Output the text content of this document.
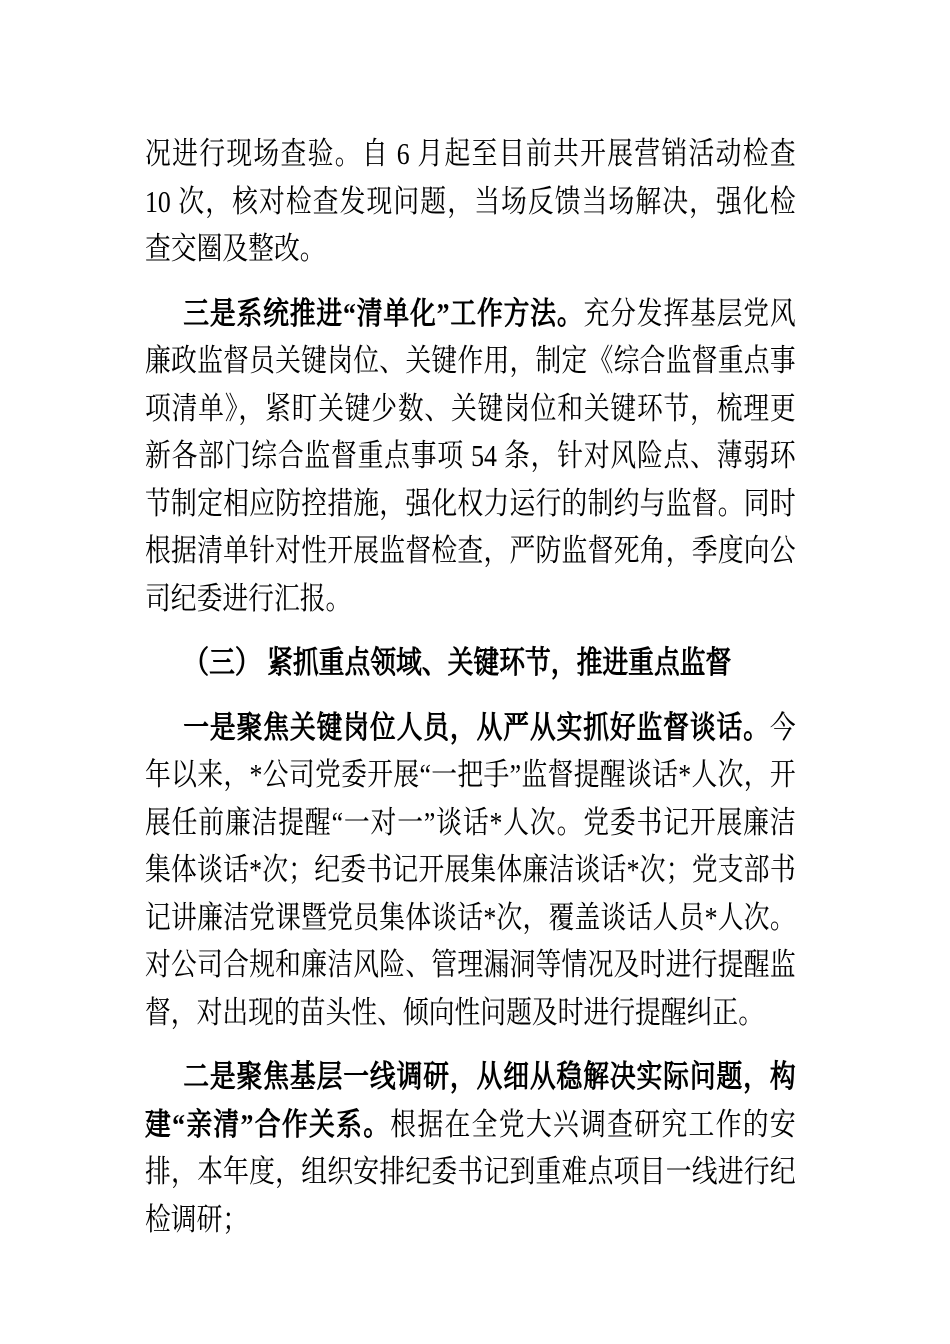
况进行现场查验。自 6 月起至目前共开展营销活动检查 10 次，核对检查发现问题，当场反馈当场解决，强化检查交圈及整改。

三是系统推进“清单化”工作方法。充分发挥基层党风廉政监督员关键岗位、关键作用，制定《综合监督重点事项清单》，紧盯关键少数、关键岗位和关键环节，梳理更新各部门综合监督重点事项 54 条，针对风险点、薄弱环节制定相应防控措施，强化权力运行的制约与监督。同时根据清单针对性开展监督检查，严防监督死角，季度向公司纪委进行汇报。

（三） 紧抓重点领域、关键环节，推进重点监督

一是聚焦关键岗位人员，从严从实抓好监督谈话。今年以来，*公司党委开展“一把手”监督提醒谈话*人次，开展任前廉洁提醒“一对一”谈话*人次。党委书记开展廉洁集体谈话*次；纪委书记开展集体廉洁谈话*次；党支部书记讲廉洁党课暨党员集体谈话*次，覆盖谈话人员*人次。对公司合规和廉洁风险、管理漏洞等情况及时进行提醒监督，对出现的苗头性、倾向性问题及时进行提醒纠正。

二是聚焦基层一线调研，从细从稳解决实际问题，构建“亲清”合作关系。根据在全党大兴调查研究工作的安排，本年度，组织安排纪委书记到重难点项目一线进行纪检调研；
